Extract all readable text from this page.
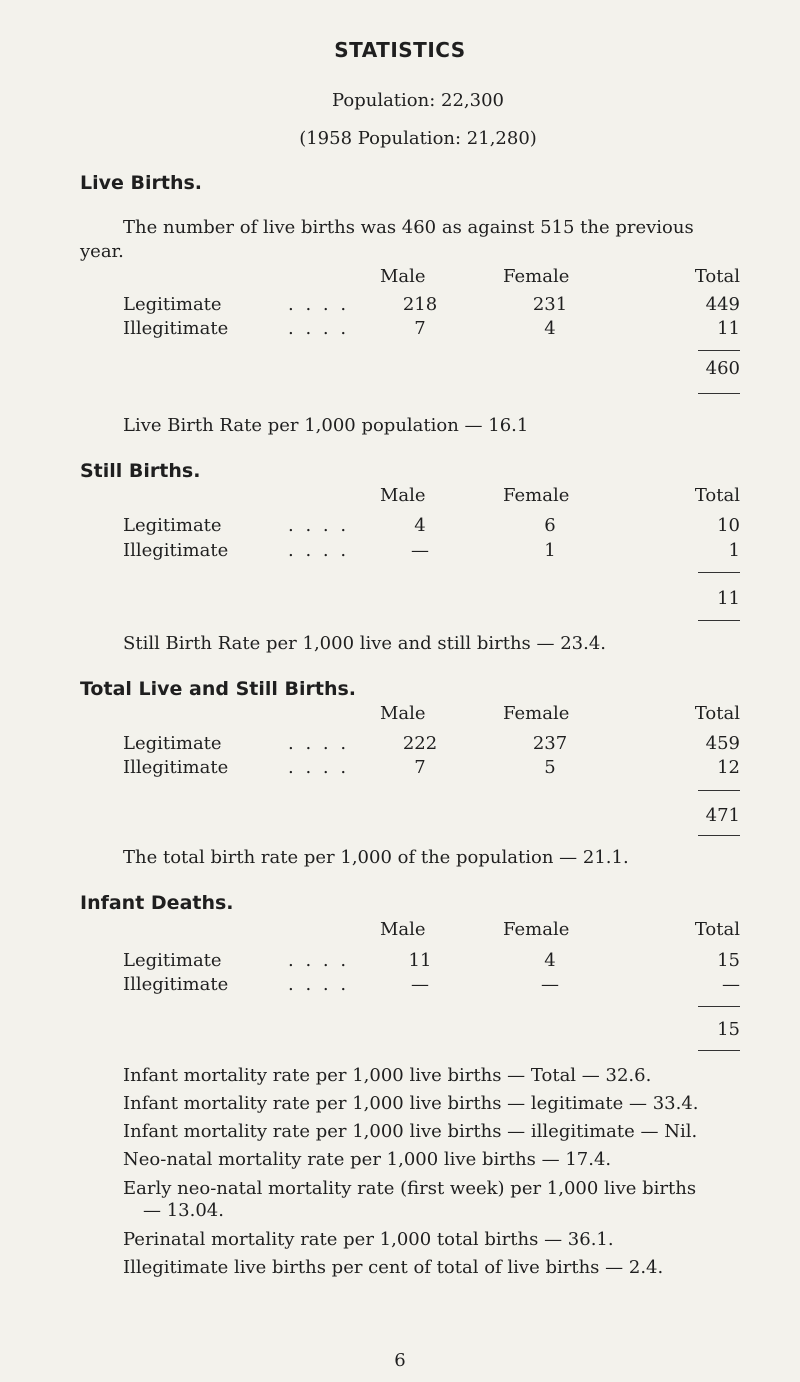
STATISTICS
Population: 22,300
(1958 Population: 21,280)
Live Births.
The number of live births was 460 as against 515 the previous
year.
Male	Female	Total
Legitimate	. . . .	218	231	449
Illegitimate	. . . .	7	4	11
460
Live Birth Rate per 1,000 population — 16.1
Still Births.
Male	Female	Total
Legitimate	. . . .	4	6	10
Illegitimate	. . . .	—	1	1
11
Still Birth Rate per 1,000 live and still births — 23.4.
Total Live and Still Births.
Male	Female	Total
Legitimate	. . . .	222	237	459
Illegitimate	. . . .	7	5	12
471
The total birth rate per 1,000 of the population — 21.1.
Infant Deaths.
Male	Female	Total
Legitimate	. . . .	11	4	15
Illegitimate	. . . .	—	—	—
15
Infant mortality rate per 1,000 live births — Total — 32.6.
Infant mortality rate per 1,000 live births — legitimate — 33.4.
Infant mortality rate per 1,000 live births — illegitimate — Nil.
Neo-natal mortality rate per 1,000 live births — 17.4.
Early neo-natal mortality rate (first week) per 1,000 live births
— 13.04.
Perinatal mortality rate per 1,000 total births — 36.1.
Illegitimate live births per cent of total of live births — 2.4.
6
